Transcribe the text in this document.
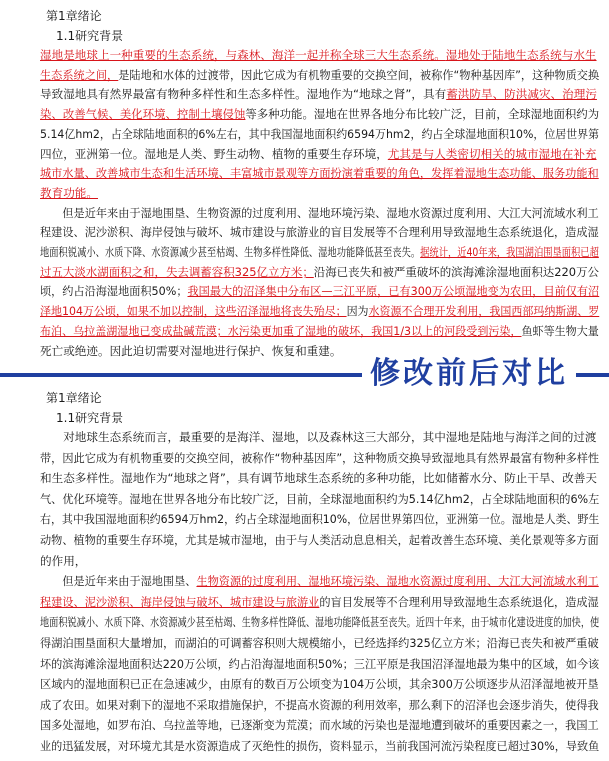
第1章绪论
1.1研究背景
湿地是地球上一种重要的生态系统，与森林、海洋一起并称全球三大生态系统。湿地处于陆地生态系统与水生
生态系统之间，是陆地和水体的过渡带，因此它成为有机物重要的交换空间，被称作“物种基因库”，这种物质交换
导致湿地具有然界最富有物种多样性和生态多样性。湿地作为“地球之肾”，具有蓄洪防旱、防洪减灾、治理污
染、改善气候、美化环境、控制土壤侵蚀等多种功能。湿地在世界各地分布比较广泛，目前，全球湿地面积约为
5.14亿hm2，占全球陆地面积的6%左右，其中我国湿地面积约6594万hm2，约占全球湿地面积10%，位居世界第
四位，亚洲第一位。湿地是人类、野生动物、植物的重要生存环境，尤其是与人类密切相关的城市湿地在补充
城市水量、改善城市生态和生活环境、丰富城市景观等方面扮演着重要的角色，发挥着湿地生态功能、服务功能和
教育功能。
　　但是近年来由于湿地围垦、生物资源的过度利用、湿地环境污染、湿地水资源过度利用、大江大河流域水利工
程建设、泥沙淤积、海岸侵蚀与破坏、城市建设与旅游业的盲目发展等不合理利用导致湿地生态系统退化，造成湿
地面积锐减小、水质下降、水资源减少甚至枯竭、生物多样性降低、湿地功能降低甚至丧失。据统计，近40年来，我国湖泊围垦面积已超
过五大淡水湖面积之和，失去调蓄容积325亿立方米；沿海已丧失和被严重破坏的滨海滩涂湿地面积达220万公
顷，约占沿海湿地面积50%；我国最大的沼泽集中分布区—三江平原，已有300万公顷湿地变为农田，目前仅有沼
泽地104万公顷，如果不加以控制，这些沼泽湿地将丧失殆尽；因为水资源不合理开发利用，我国西部玛纳斯湖、罗
布泊、乌拉盖湖湿地已变成盐碱荒漠；水污染更加重了湿地的破坏，我国1/3以上的河段受到污染，鱼虾等生物大量
死亡或绝迹。因此迫切需要对湿地进行保护、恢复和重建。
修改前后对比
第1章绪论
1.1研究背景
　　对地球生态系统而言，最重要的是海洋、湿地，以及森林这三大部分，其中湿地是陆地与海洋之间的过渡
带，因此它成为有机物重要的交换空间，被称作“物种基因库”，这种物质交换导致湿地具有然界最富有物种多样性
和生态多样性。湿地作为“地球之肾”，具有调节地球生态系统的多种功能，比如储蓄水分、防止干旱、改善天
气、优化环境等。湿地在世界各地分布比较广泛，目前，全球湿地面积约为5.14亿hm2，占全球陆地面积的6%左
右，其中我国湿地面积约6594万hm2，约占全球湿地面积10%，位居世界第四位，亚洲第一位。湿地是人类、野生
动物、植物的重要生存环境，尤其是城市湿地，由于与人类活动息息相关，起着改善生态环境、美化景观等多方面
的作用，
　　但是近年来由于湿地围垦、生物资源的过度利用、湿地环境污染、湿地水资源过度利用、大江大河流域水利工
程建设、泥沙淤积、海岸侵蚀与破坏、城市建设与旅游业的盲目发展等不合理利用导致湿地生态系统退化，造成湿
地面积锐减小、水质下降、水资源减少甚至枯竭、生物多样性降低、湿地功能降低甚至丧失。近四十年来，由于城市化建设进度的加快，使
得湖泊围垦面积大量增加，而湖泊的可调蓄容积则大规模缩小，已经选择约325亿立方米；沿海已丧失和被严重破
坏的滨海滩涂湿地面积达220万公顷，约占沿海湿地面积50%；三江平原是我国沼泽湿地最为集中的区域，如今该
区域内的湿地面积已正在急速减少，由原有的数百万公顷变为104万公顷，其余300万公顷逐步从沼泽湿地被开垦
成了农田。如果对剩下的湿地不采取措施保护，不提高水资源的利用效率，那么剩下的沼泽也会逐步消失，使得我
国多处湿地，如罗布泊、乌拉盖等地，已逐渐变为荒漠；而水域的污染也是湿地遭到破坏的重要因素之一，我国工
业的迅猛发展，对环境尤其是水资源造成了灭绝性的损伤，资料显示，当前我国河流污染程度已超过30%，导致鱼
